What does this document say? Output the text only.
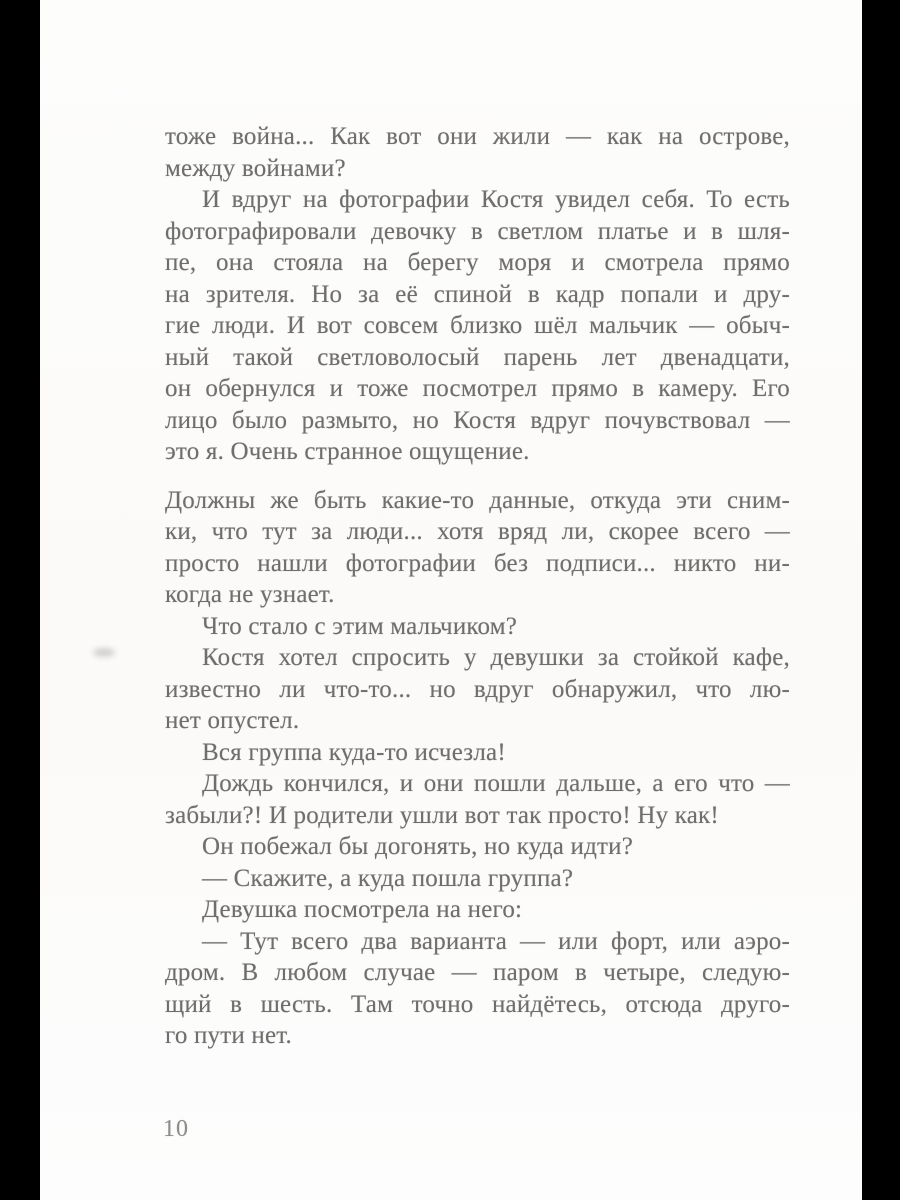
тоже война... Как вот они жили — как на острове,
между войнами?
И вдруг на фотографии Костя увидел себя. То есть
фотографировали девочку в светлом платье и в шля-
пе, она стояла на берегу моря и смотрела прямо
на зрителя. Но за её спиной в кадр попали и дру-
гие люди. И вот совсем близко шёл мальчик — обыч-
ный такой светловолосый парень лет двенадцати,
он обернулся и тоже посмотрел прямо в камеру. Его
лицо было размыто, но Костя вдруг почувствовал —
это я. Очень странное ощущение.
Должны же быть какие-то данные, откуда эти сним-
ки, что тут за люди... хотя вряд ли, скорее всего —
просто нашли фотографии без подписи... никто ни-
когда не узнает.
Что стало с этим мальчиком?
Костя хотел спросить у девушки за стойкой кафе,
известно ли что-то... но вдруг обнаружил, что лю-
нет опустел.
Вся группа куда-то исчезла!
Дождь кончился, и они пошли дальше, а его что —
забыли?! И родители ушли вот так просто! Ну как!
Он побежал бы догонять, но куда идти?
— Скажите, а куда пошла группа?
Девушка посмотрела на него:
— Тут всего два варианта — или форт, или аэро-
дром. В любом случае — паром в четыре, следую-
щий в шесть. Там точно найдётесь, отсюда друго-
го пути нет.
10
